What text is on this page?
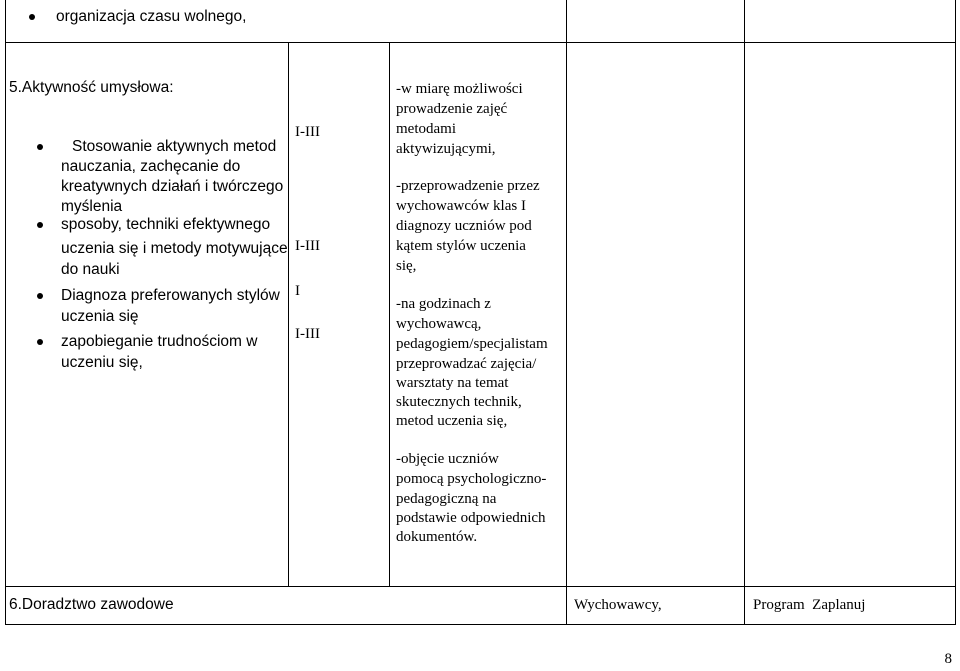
organizacja czasu wolnego,
5.Aktywność umysłowa:
Stosowanie aktywnych metod
nauczania, zachęcanie do
kreatywnych działań i twórczego
myślenia
sposoby, techniki efektywnego
uczenia się i metody motywujące
do nauki
Diagnoza preferowanych stylów
uczenia się
zapobieganie trudnościom w
uczeniu się,
I-III
I-III
I
I-III
-w miarę możliwości
prowadzenie zajęć
metodami
aktywizującymi,
-przeprowadzenie przez
wychowawców klas I
diagnozy uczniów pod
kątem stylów uczenia
się,
-na godzinach z
wychowawcą,
pedagogiem/specjalistam
przeprowadzać zajęcia/
warsztaty na temat
skutecznych technik,
metod uczenia się,
-objęcie uczniów
pomocą psychologiczno-
pedagogiczną na
podstawie odpowiednich
dokumentów.
6.Doradztwo zawodowe	Wychowawcy,	Program  Zaplanuj
8
